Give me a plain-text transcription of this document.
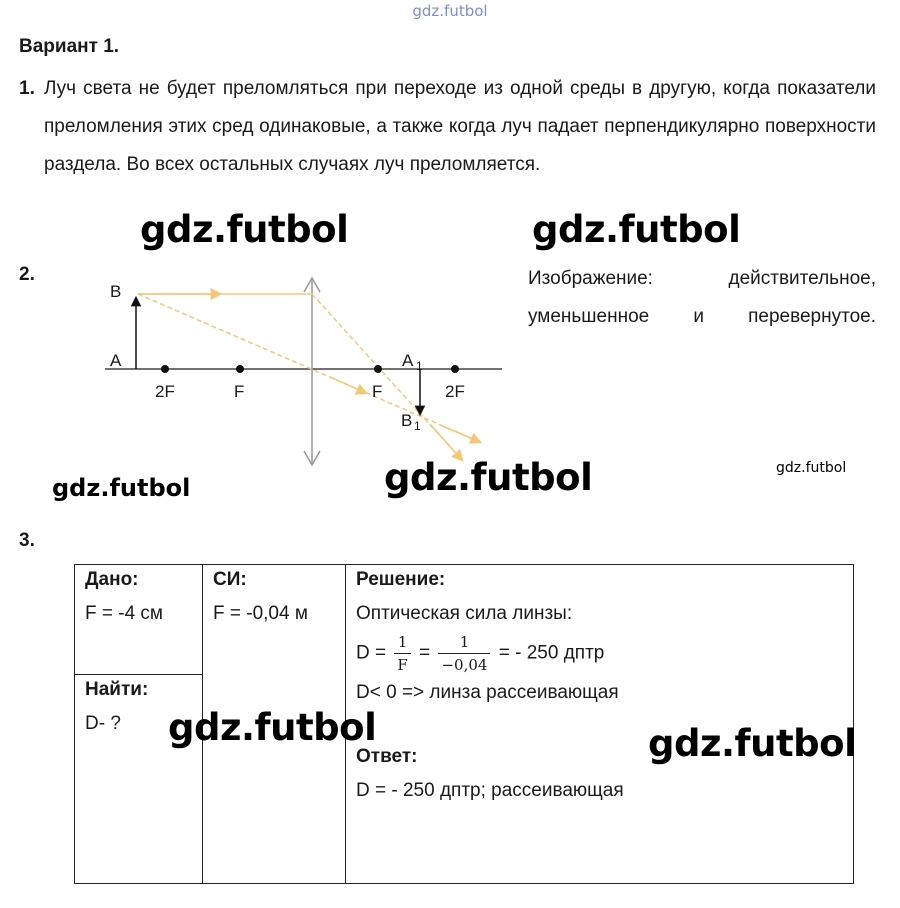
gdz.futbol
Вариант 1.
1. Луч света не будет преломляться при переходе из одной среды в другую, когда показатели преломления этих сред одинаковые, а также когда луч падает перпендикулярно поверхности раздела. Во всех остальных случаях луч преломляется.
gdz.futbol	gdz.futbol
2.
B
A
2F	F	F	2F
A 1
B 1
Изображение: действительное, уменьшенное и перевернутое.
gdz.futbol
gdz.futbol	gdz.futbol
3.
Дано:
F = -4 см

СИ:
F = -0,04 м

Решение:
Оптическая сила линзы:
$D = \frac{1}{F} = \frac{1}{-0,04}$ = - 250 дптр
D< 0 => линза рассеивающая
Ответ:
D = - 250 дптр; рассеивающая

Найти:
D- ?	gdz.futbol	gdz.futbol
